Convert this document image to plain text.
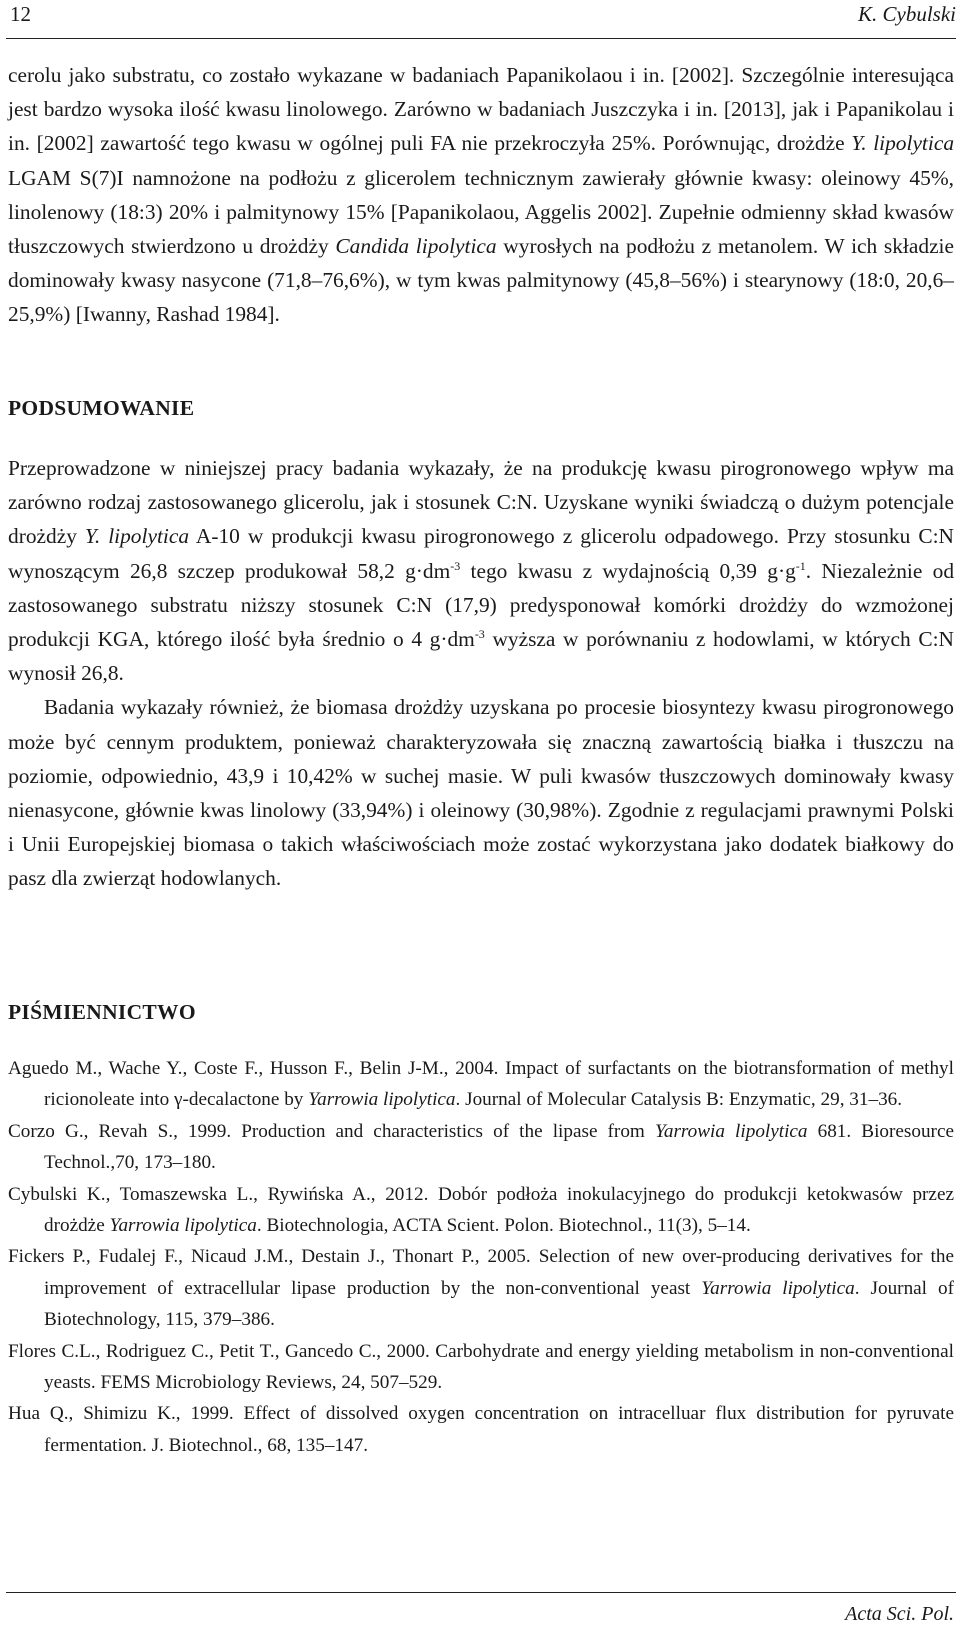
12	K. Cybulski

cerolu jako substratu, co zostało wykazane w badaniach Papanikolaou i in. [2002]. Szczególnie interesująca jest bardzo wysoka ilość kwasu linolowego. Zarówno w badaniach Juszczyka i in. [2013], jak i Papanikolau i in. [2002] zawartość tego kwasu w ogólnej puli FA nie przekroczyła 25%. Porównując, drożdże Y. lipolytica LGAM S(7)I namnożone na podłożu z glicerolem technicznym zawierały głównie kwasy: oleinowy 45%, linolenowy (18:3) 20% i palmitynowy 15% [Papanikolaou, Aggelis 2002]. Zupełnie odmienny skład kwasów tłuszczowych stwierdzono u drożdży Candida lipolytica wyrosłych na podłożu z metanolem. W ich składzie dominowały kwasy nasycone (71,8–76,6%), w tym kwas palmitynowy (45,8–56%) i stearynowy (18:0, 20,6–25,9%) [Iwanny, Rashad 1984].

PODSUMOWANIE

Przeprowadzone w niniejszej pracy badania wykazały, że na produkcję kwasu pirogronowego wpływ ma zarówno rodzaj zastosowanego glicerolu, jak i stosunek C:N. Uzyskane wyniki świadczą o dużym potencjale drożdży Y. lipolytica A-10 w produkcji kwasu pirogronowego z glicerolu odpadowego. Przy stosunku C:N wynoszącym 26,8 szczep produkował 58,2 $g\cdot dm^{-3}$ tego kwasu z wydajnością 0,39 $g\cdot g^{-1}$. Niezależnie od zastosowanego substratu niższy stosunek C:N (17,9) predysponował komórki drożdży do wzmożonej produkcji KGA, którego ilość była średnio o 4 $g\cdot dm^{-3}$ wyższa w porównaniu z hodowlami, w których C:N wynosił 26,8.

Badania wykazały również, że biomasa drożdży uzyskana po procesie biosyntezy kwasu pirogronowego może być cennym produktem, ponieważ charakteryzowała się znaczną zawartością białka i tłuszczu na poziomie, odpowiednio, 43,9 i 10,42% w suchej masie. W puli kwasów tłuszczowych dominowały kwasy nienasycone, głównie kwas linolowy (33,94%) i oleinowy (30,98%). Zgodnie z regulacjami prawnymi Polski i Unii Europejskiej biomasa o takich właściwościach może zostać wykorzystana jako dodatek białkowy do pasz dla zwierząt hodowlanych.

PIŚMIENNICTWO

Aguedo M., Wache Y., Coste F., Husson F., Belin J-M., 2004. Impact of surfactants on the biotransformation of methyl ricionoleate into γ-decalactone by Yarrowia lipolytica. Journal of Molecular Catalysis B: Enzymatic, 29, 31–36.

Corzo G., Revah S., 1999. Production and characteristics of the lipase from Yarrowia lipolytica 681. Bioresource Technol.,70, 173–180.

Cybulski K., Tomaszewska L., Rywińska A., 2012. Dobór podłoża inokulacyjnego do produkcji ketokwasów przez drożdże Yarrowia lipolytica. Biotechnologia, ACTA Scient. Polon. Biotechnol., 11(3), 5–14.

Fickers P., Fudalej F., Nicaud J.M., Destain J., Thonart P., 2005. Selection of new over-producing derivatives for the improvement of extracellular lipase production by the non-conventional yeast Yarrowia lipolytica. Journal of Biotechnology, 115, 379–386.

Flores C.L., Rodriguez C., Petit T., Gancedo C., 2000. Carbohydrate and energy yielding metabolism in non-conventional yeasts. FEMS Microbiology Reviews, 24, 507–529.

Hua Q., Shimizu K., 1999. Effect of dissolved oxygen concentration on intracelluar flux distribution for pyruvate fermentation. J. Biotechnol., 68, 135–147.

Acta Sci. Pol.
